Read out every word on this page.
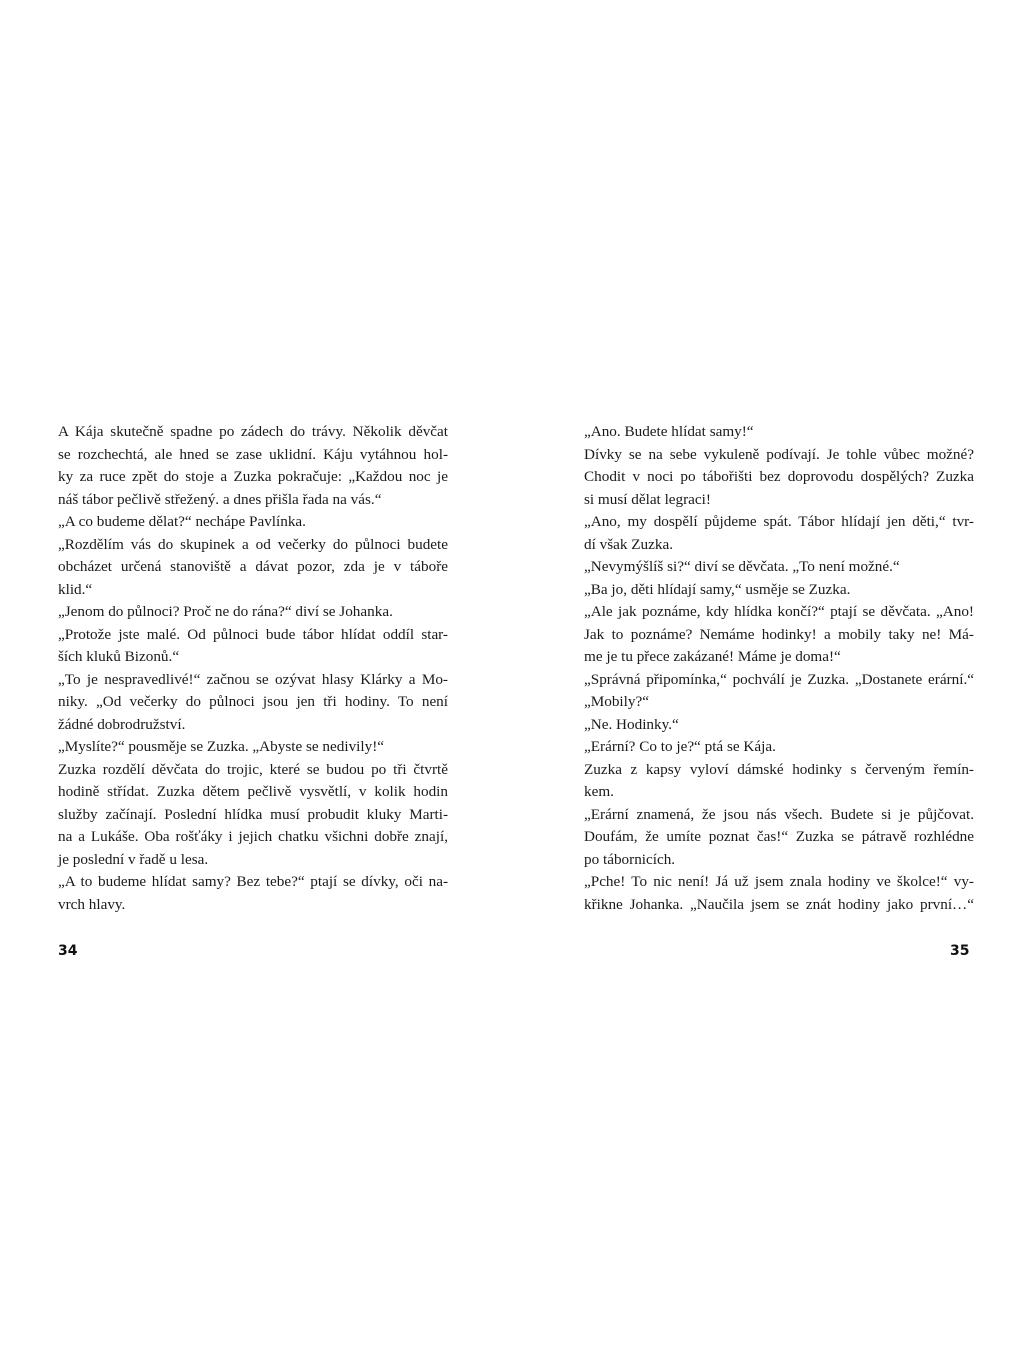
A Kája skutečně spadne po zádech do trávy. Několik děvčat
se rozchechtá, ale hned se zase uklidní. Káju vytáhnou hol-
ky za ruce zpět do stoje a Zuzka pokračuje: „Každou noc je
náš tábor pečlivě střežený. a dnes přišla řada na vás.“
„A co budeme dělat?“ nechápe Pavlínka.
„Rozdělím vás do skupinek a od večerky do půlnoci budete
obcházet určená stanoviště a dávat pozor, zda je v táboře
klid.“
„Jenom do půlnoci? Proč ne do rána?“ diví se Johanka.
„Protože jste malé. Od půlnoci bude tábor hlídat oddíl star-
ších kluků Bizonů.“
„To je nespravedlivé!“ začnou se ozývat hlasy Klárky a Mo-
niky. „Od večerky do půlnoci jsou jen tři hodiny. To není
žádné dobrodružství.
„Myslíte?“ pousměje se Zuzka. „Abyste se nedivily!“
Zuzka rozdělí děvčata do trojic, které se budou po tři čtvrtě
hodině střídat. Zuzka dětem pečlivě vysvětlí, v kolik hodin
služby začínají. Poslední hlídka musí probudit kluky Marti-
na a Lukáše. Oba rošťáky i jejich chatku všichni dobře znají,
je poslední v řadě u lesa.
„A to budeme hlídat samy? Bez tebe?“ ptají se dívky, oči na-
vrch hlavy.
„Ano. Budete hlídat samy!“
Dívky se na sebe vykuleně podívají. Je tohle vůbec možné?
Chodit v noci po tábořišti bez doprovodu dospělých? Zuzka
si musí dělat legraci!
„Ano, my dospělí půjdeme spát. Tábor hlídají jen děti,“ tvr-
dí však Zuzka.
„Nevymýšlíš si?“ diví se děvčata. „To není možné.“
„Ba jo, děti hlídají samy,“ usměje se Zuzka.
„Ale jak poznáme, kdy hlídka končí?“ ptají se děvčata. „Ano!
Jak to poznáme? Nemáme hodinky! a mobily taky ne! Má-
me je tu přece zakázané! Máme je doma!“
„Správná připomínka,“ pochválí je Zuzka. „Dostanete erární.“
„Mobily?“
„Ne. Hodinky.“
„Erární? Co to je?“ ptá se Kája.
Zuzka z kapsy vyloví dámské hodinky s červeným řemín-
kem.
„Erární znamená, že jsou nás všech. Budete si je půjčovat.
Doufám, že umíte poznat čas!“ Zuzka se pátravě rozhlédne
po tábornicích.
„Pche! To nic není! Já už jsem znala hodiny ve školce!“ vy-
křikne Johanka. „Naučila jsem se znát hodiny jako první…“
34	35
